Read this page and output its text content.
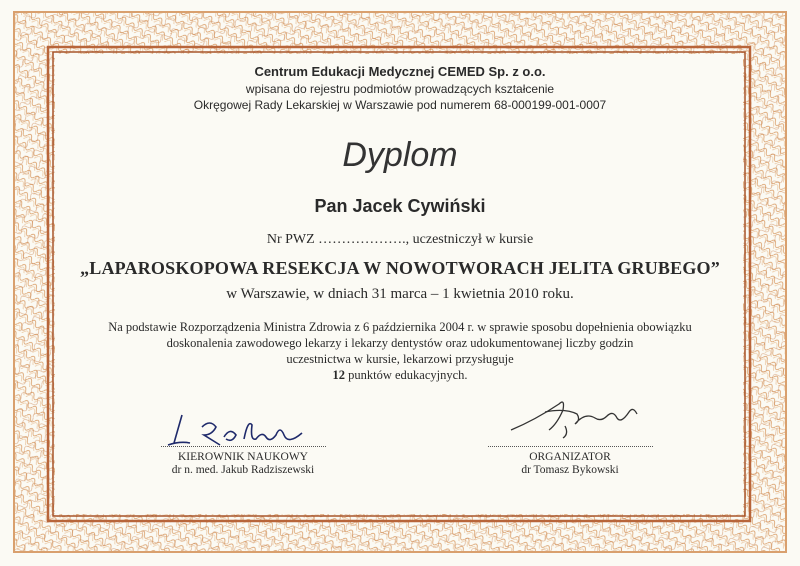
Centrum Edukacji Medycznej CEMED Sp. z o.o.
wpisana do rejestru podmiotów prowadzących kształcenie
Okręgowej Rady Lekarskiej w Warszawie pod numerem 68-000199-001-0007
Dyplom
Pan Jacek Cywiński
Nr PWZ ………………., uczestniczył w kursie
„LAPAROSKOPOWA RESEKCJA W NOWOTWORACH JELITA GRUBEGO”
w Warszawie, w dniach 31 marca – 1 kwietnia 2010 roku.
Na podstawie Rozporządzenia Ministra Zdrowia z 6 października 2004 r. w sprawie sposobu dopełnienia obowiązku
doskonalenia zawodowego lekarzy i lekarzy dentystów oraz udokumentowanej liczby godzin
uczestnictwa w kursie, lekarzowi przysługuje
12 punktów edukacyjnych.
KIEROWNIK NAUKOWY
dr n. med. Jakub Radziszewski
ORGANIZATOR
dr Tomasz Bykowski
